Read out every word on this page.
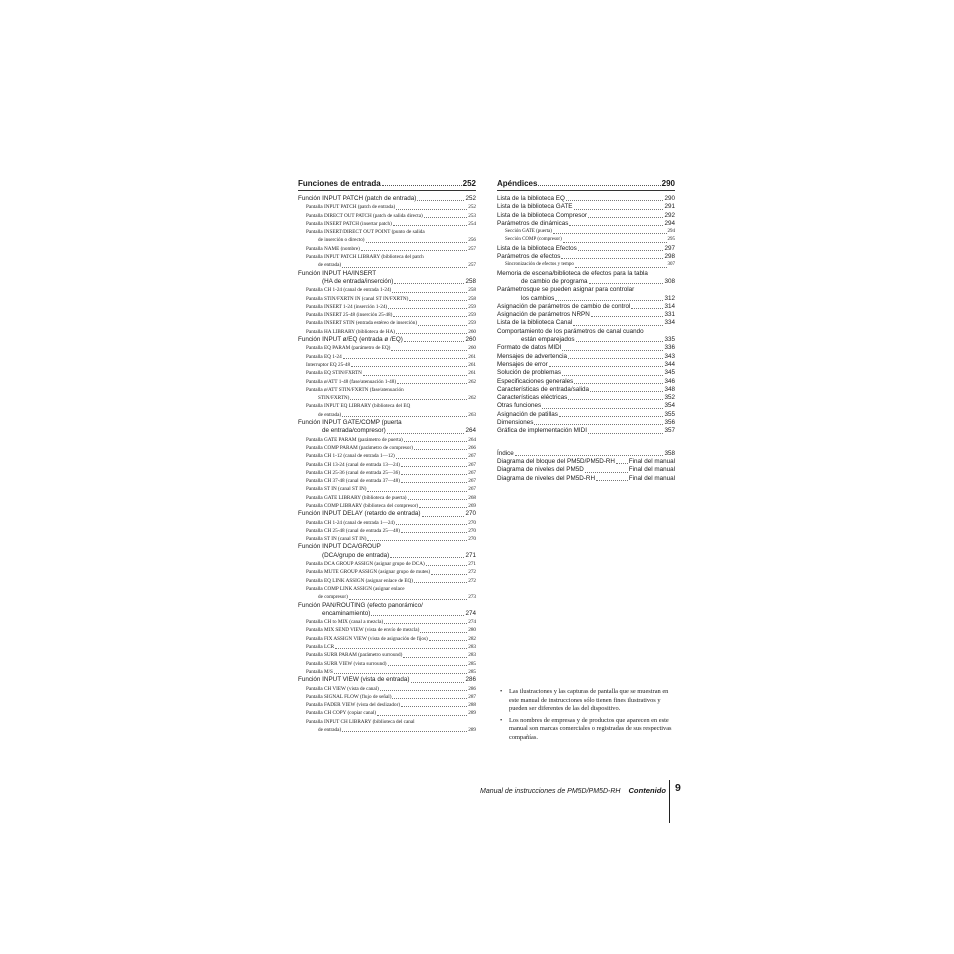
Funciones de entrada	252
Función INPUT PATCH (patch de entrada)	252
Pantalla INPUT PATCH (patch de entrada)	252
Pantalla DIRECT OUT PATCH (patch de salida directa)	253
Pantalla INSERT PATCH (insertar patch)	254
Pantalla INSERT/DIRECT OUT POINT (punto de salida
de inserción o directo)	256
Pantalla NAME (nombre)	257
Pantalla INPUT PATCH LIBRARY (biblioteca del patch
de entrada)	257
Función INPUT HA/INSERT
(HA de entrada/inserción)	258
Pantalla CH 1-24 (canal de entrada 1-24)	258
Pantalla STIN/FXRTN IN (canal ST IN/FXRTN)	258
Pantalla INSERT 1-24 (inserción 1-24)	259
Pantalla INSERT 25-48 (inserción 25-48)	259
Pantalla INSERT STIN (entrada estéreo de inserción)	259
Pantalla HA LIBRARY (biblioteca de HA)	260
Función INPUT ø/EQ (entrada ø /EQ)	260
Pantalla EQ PARAM (parámetro de EQ)	260
Pantalla EQ 1-24	261
Interruptor EQ 25-48	261
Pantalla EQ STIN/FXRTN	261
Pantalla ø/ATT 1-48 (fase/atenuación 1-48)	262
Pantalla ø/ATT STIN/FXRTN (fase/atenuación
STIN/FXRTN)	262
Pantalla INPUT EQ LIBRARY (biblioteca del EQ
de entrada)	263
Función INPUT GATE/COMP (puerta
de entrada/compresor)	264
Pantalla GATE PARAM (parámetro de puerta)	264
Pantalla COMP PARAM (parámetro de compresor)	266
Pantalla CH 1-12 (canal de entrada 1—12)	267
Pantalla CH 13-24 (canal de entrada 13—24)	267
Pantalla CH 25-36 (canal de entrada 25—36)	267
Pantalla CH 37-48 (canal de entrada 37—48)	267
Pantalla ST IN (canal ST IN)	267
Pantalla GATE LIBRARY (biblioteca de puerta)	268
Pantalla COMP LIBRARY (biblioteca del compresor)	269
Función INPUT DELAY (retardo de entrada)	270
Pantalla CH 1-24 (canal de entrada 1—24)	270
Pantalla CH 25-48 (canal de entrada 25—48)	270
Pantalla ST IN (canal ST IN)	270
Función INPUT DCA/GROUP
(DCA/grupo de entrada)	271
Pantalla DCA GROUP ASSIGN (asignar grupo de DCA)	271
Pantalla MUTE GROUP ASSIGN (asignar grupo de mutes)	272
Pantalla EQ LINK ASSIGN (asignar enlace de EQ)	272
Pantalla COMP LINK ASSIGN (asignar enlace
de compresor)	273
Función PAN/ROUTING (efecto panorámico/
encaminamiento)	274
Pantalla CH to MIX (canal a mezcla)	274
Pantalla MIX SEND VIEW (vista de envío de mezcla)	280
Pantalla FIX ASSIGN VIEW (vista de asignación de fijos)	282
Pantalla LCR	283
Pantalla SURR PARAM (parámetro surround)	283
Pantalla SURR VIEW (vista surround)	285
Pantalla M/S	285
Función INPUT VIEW (vista de entrada)	286
Pantalla CH VIEW (vista de canal)	286
Pantalla SIGNAL FLOW (flujo de señal)	287
Pantalla FADER VIEW (vista del deslizador)	288
Pantalla CH COPY (copiar canal)	289
Pantalla INPUT CH LIBRARY (biblioteca del canal
de entrada)	289
Apéndices	290
Lista de la biblioteca EQ	290
Lista de la biblioteca GATE	291
Lista de la biblioteca Compresor	292
Parámetros de dinámicas	294
Sección GATE (puerta)	294
Sección COMP (compresor)	295
Lista de la biblioteca Efectos	297
Parámetros de efectos	298
Sincronización de efectos y tempo	307
Memoria de escena/biblioteca de efectos para la tabla
de cambio de programa	308
Parámetrosque se pueden asignar para controlar
los cambios	312
Asignación de parámetros de cambio de control	314
Asignación de parámetros NRPN	331
Lista de la biblioteca Canal	334
Comportamiento de los parámetros de canal cuando
están emparejados	335
Formato de datos MIDI	336
Mensajes de advertencia	343
Mensajes de error	344
Solución de problemas	345
Especificaciones generales	346
Características de entrada/salida	348
Características eléctricas	352
Otras funciones	354
Asignación de patillas	355
Dimensiones	356
Gráfica de implementación MIDI	357
Índice	358
Diagrama del bloque del PM5D/PM5D-RH Final del manual
Diagrama de niveles del PM5D	Final del manual
Diagrama de niveles del PM5D-RH	Final del manual
•	Las ilustraciones y las capturas de pantalla que se muestran en este manual de instrucciones sólo tienen fines ilustrativos y pueden ser diferentes de las del dispositivo.
•	Los nombres de empresas y de productos que aparecen en este manual son marcas comerciales o registradas de sus respectivas compañías.
Manual de instrucciones de PM5D/PM5D-RH Contenido 9
